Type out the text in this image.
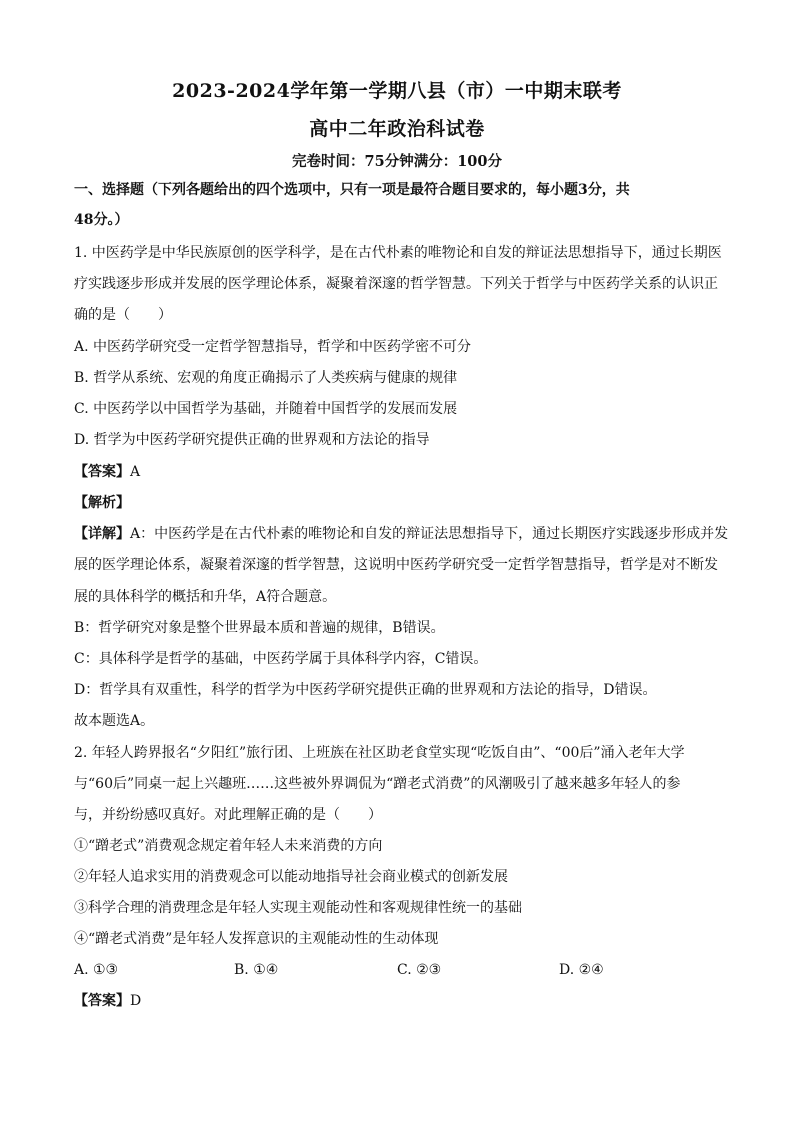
2023-2024学年第一学期八县（市）一中期末联考
高中二年政治科试卷
完卷时间：75分钟满分：100分
一、选择题（下列各题给出的四个选项中，只有一项是最符合题目要求的，每小题3分，共
48分。）
1. 中医药学是中华民族原创的医学科学，是在古代朴素的唯物论和自发的辩证法思想指导下，通过长期医
疗实践逐步形成并发展的医学理论体系，凝聚着深邃的哲学智慧。下列关于哲学与中医药学关系的认识正
确的是（　　）
A. 中医药学研究受一定哲学智慧指导，哲学和中医药学密不可分
B. 哲学从系统、宏观的角度正确揭示了人类疾病与健康的规律
C. 中医药学以中国哲学为基础，并随着中国哲学的发展而发展
D. 哲学为中医药学研究提供正确的世界观和方法论的指导
【答案】A
【解析】
【详解】A：中医药学是在古代朴素的唯物论和自发的辩证法思想指导下，通过长期医疗实践逐步形成并发
展的医学理论体系，凝聚着深邃的哲学智慧，这说明中医药学研究受一定哲学智慧指导，哲学是对不断发
展的具体科学的概括和升华，A符合题意。
B：哲学研究对象是整个世界最本质和普遍的规律，B错误。
C：具体科学是哲学的基础，中医药学属于具体科学内容，C错误。
D：哲学具有双重性，科学的哲学为中医药学研究提供正确的世界观和方法论的指导，D错误。
故本题选A。
2. 年轻人跨界报名“夕阳红”旅行团、上班族在社区助老食堂实现“吃饭自由”、“00后”涌入老年大学
与“60后”同桌一起上兴趣班……这些被外界调侃为“蹭老式消费”的风潮吸引了越来越多年轻人的参
与，并纷纷感叹真好。对此理解正确的是（　　）
①“蹭老式”消费观念规定着年轻人未来消费的方向
②年轻人追求实用的消费观念可以能动地指导社会商业模式的创新发展
③科学合理的消费理念是年轻人实现主观能动性和客观规律性统一的基础
④“蹭老式消费”是年轻人发挥意识的主观能动性的生动体现
A. ①③	B. ①④	C. ②③	D. ②④
【答案】D
